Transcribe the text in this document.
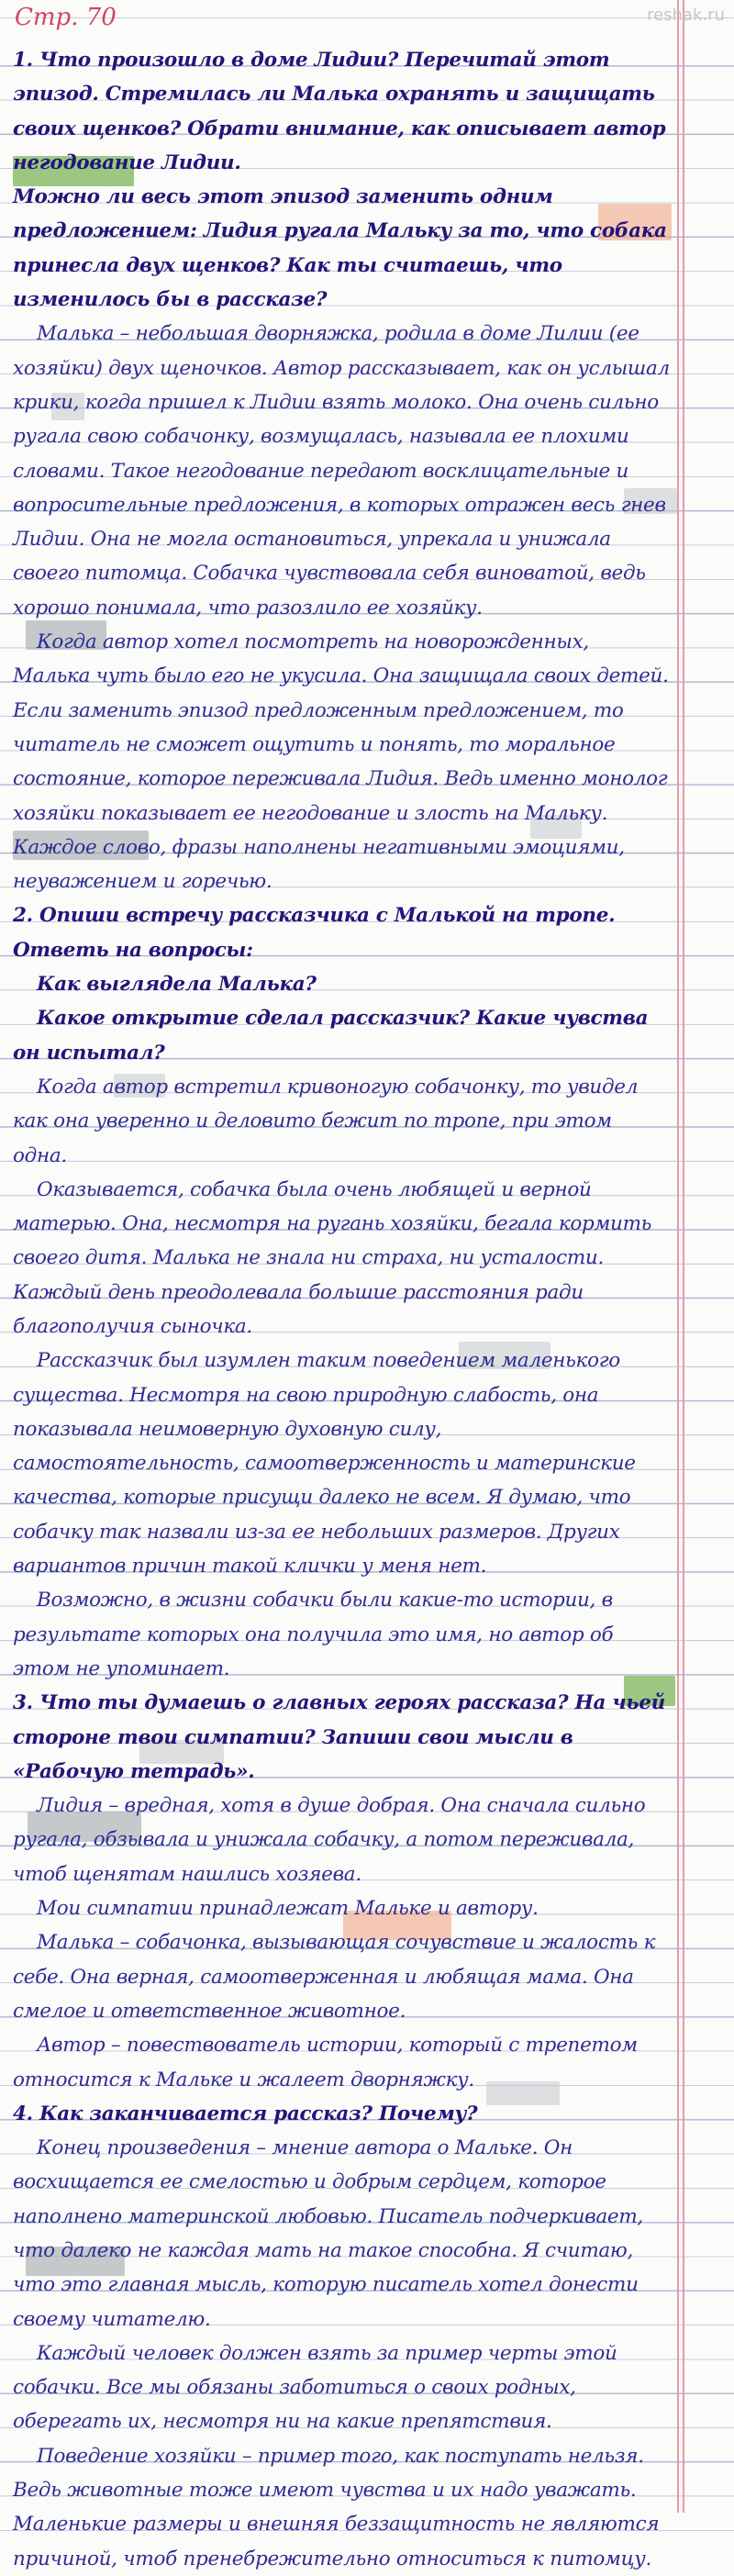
Стр. 70	reshak.ru

1. Что произошло в доме Лидии? Перечитай этот эпизод. Стремилась ли Малька охранять и защищать своих щенков? Обрати внимание, как описывает автор негодование Лидии.

Можно ли весь этот эпизод заменить одним предложением: Лидия ругала Мальку за то, что собака принесла двух щенков? Как ты считаешь, что изменилось бы в рассказе?

Малька – небольшая дворняжка, родила в доме Лилии (ее хозяйки) двух щеночков. Автор рассказывает, как он услышал крики, когда пришел к Лидии взять молоко. Она очень сильно ругала свою собачонку, возмущалась, называла ее плохими словами. Такое негодование передают восклицательные и вопросительные предложения, в которых отражен весь гнев Лидии. Она не могла остановиться, упрекала и унижала своего питомца. Собачка чувствовала себя виноватой, ведь хорошо понимала, что разозлило ее хозяйку.

Когда автор хотел посмотреть на новорожденных, Малька чуть было его не укусила. Она защищала своих детей. Если заменить эпизод предложенным предложением, то читатель не сможет ощутить и понять, то моральное состояние, которое переживала Лидия. Ведь именно монолог хозяйки показывает ее негодование и злость на Мальку. Каждое слово, фразы наполнены негативными эмоциями, неуважением и горечью.

2. Опиши встречу рассказчика с Малькой на тропе.

Ответь на вопросы:

Как выглядела Малька?

Какое открытие сделал рассказчик? Какие чувства он испытал?

Когда автор встретил кривоногую собачонку, то увидел как она уверенно и деловито бежит по тропе, при этом одна.

Оказывается, собачка была очень любящей и верной матерью. Она, несмотря на ругань хозяйки, бегала кормить своего дитя. Малька не знала ни страха, ни усталости. Каждый день преодолевала большие расстояния ради благополучия сыночка.

Рассказчик был изумлен таким поведением маленького существа. Несмотря на свою природную слабость, она показывала неимоверную духовную силу, самостоятельность, самоотверженность и материнские качества, которые присущи далеко не всем. Я думаю, что собачку так назвали из-за ее небольших размеров. Других вариантов причин такой клички у меня нет.

Возможно, в жизни собачки были какие-то истории, в результате которых она получила это имя, но автор об этом не упоминает.

3. Что ты думаешь о главных героях рассказа? На чьей стороне твои симпатии? Запиши свои мысли в «Рабочую тетрадь».

Лидия – вредная, хотя в душе добрая. Она сначала сильно ругала, обзывала и унижала собачку, а потом переживала, чтоб щенятам нашлись хозяева.

Мои симпатии принадлежат Мальке и автору.

Малька – собачонка, вызывающая сочувствие и жалость к себе. Она верная, самоотверженная и любящая мама. Она смелое и ответственное животное.

Автор – повествователь истории, который с трепетом относится к Мальке и жалеет дворняжку.

4. Как заканчивается рассказ? Почему?

Конец произведения – мнение автора о Мальке. Он восхищается ее смелостью и добрым сердцем, которое наполнено материнской любовью. Писатель подчеркивает, что далеко не каждая мать на такое способна. Я считаю, что это главная мысль, которую писатель хотел донести своему читателю.

Каждый человек должен взять за пример черты этой собачки. Все мы обязаны заботиться о своих родных, оберегать их, несмотря ни на какие препятствия.

Поведение хозяйки – пример того, как поступать нельзя. Ведь животные тоже имеют чувства и их надо уважать. Маленькие размеры и внешняя беззащитность не являются причиной, чтоб пренебрежительно относиться к питомцу.
